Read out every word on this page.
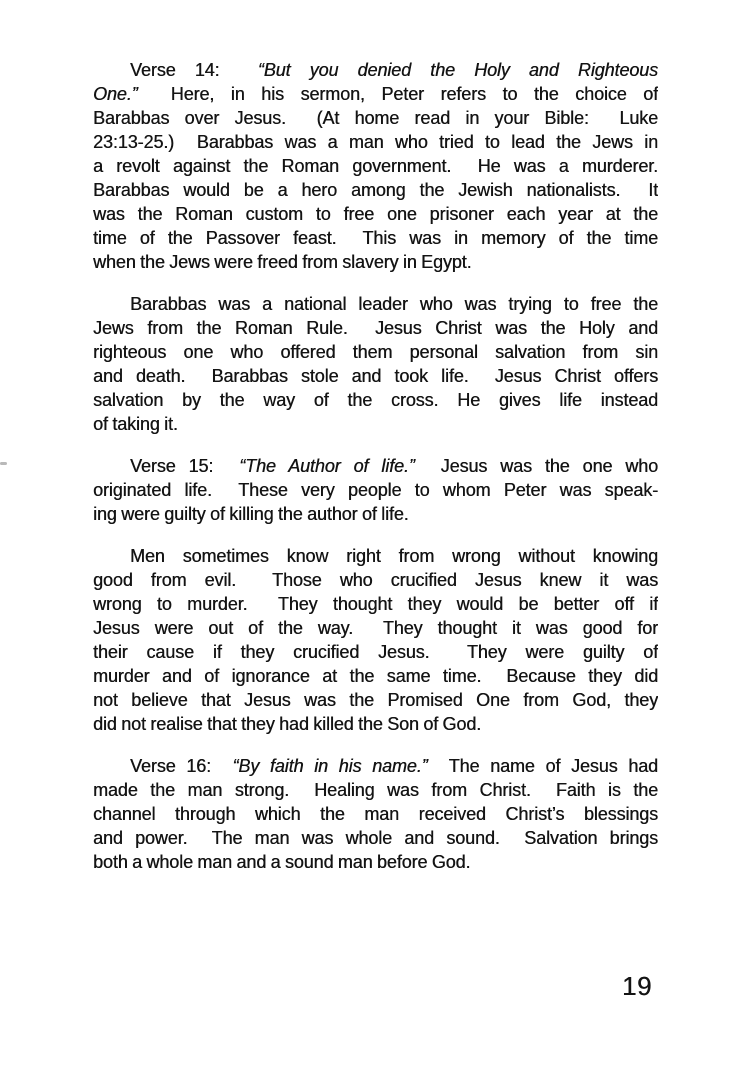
Verse 14:  “But you denied the Holy and Righteous
One.”  Here, in his sermon, Peter refers to the choice of
Barabbas over Jesus.  (At home read in your Bible:  Luke
23:13-25.)  Barabbas was a man who tried to lead the Jews in
a revolt against the Roman government.  He was a murderer.
Barabbas would be a hero among the Jewish nationalists.  It
was the Roman custom to free one prisoner each year at the
time of the Passover feast.  This was in memory of the time
when the Jews were freed from slavery in Egypt.
Barabbas was a national leader who was trying to free the
Jews from the Roman Rule.  Jesus Christ was the Holy and
righteous one who offered them personal salvation from sin
and death.  Barabbas stole and took life.  Jesus Christ offers
salvation by the way of the cross. He gives life instead
of taking it.
Verse 15:  “The Author of life.”  Jesus was the one who
originated life.  These very people to whom Peter was speak-
ing were guilty of killing the author of life.
Men sometimes know right from wrong without knowing
good from evil.  Those who crucified Jesus knew it was
wrong to murder.  They thought they would be better off if
Jesus were out of the way.  They thought it was good for
their cause if they crucified Jesus.  They were guilty of
murder and of ignorance at the same time.  Because they did
not believe that Jesus was the Promised One from God, they
did not realise that they had killed the Son of God.
Verse 16:  “By faith in his name.”  The name of Jesus had
made the man strong.  Healing was from Christ.  Faith is the
channel through which the man received Christ’s blessings
and power.  The man was whole and sound.  Salvation brings
both a whole man and a sound man before God.
19
